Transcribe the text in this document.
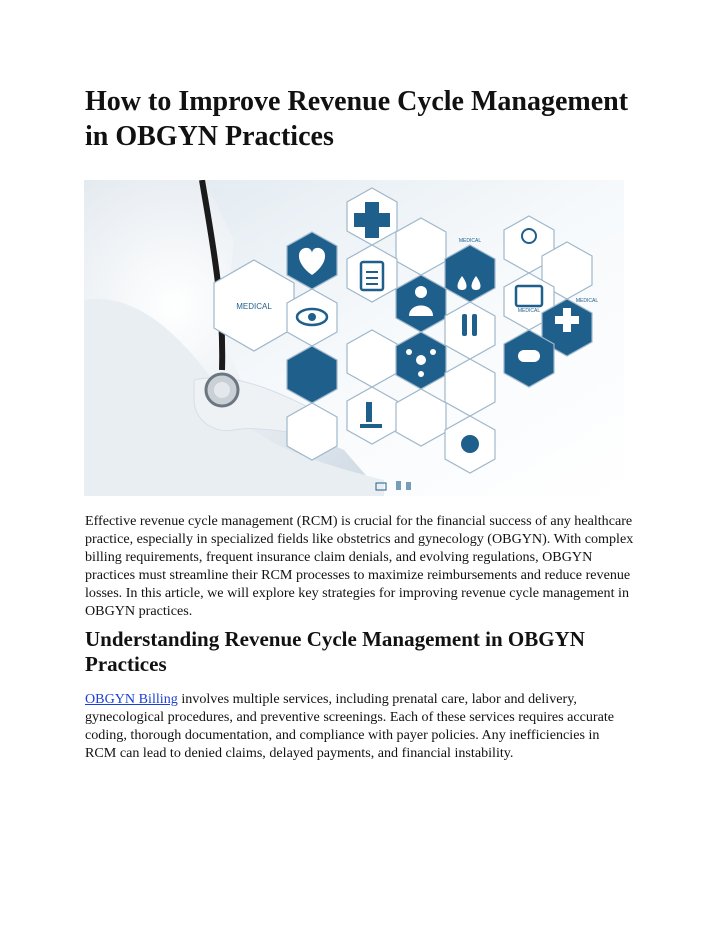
How to Improve Revenue Cycle Management in OBGYN Practices
MEDICAL
MEDICAL
MEDICAL
MEDICAL

Effective revenue cycle management (RCM) is crucial for the financial success of any healthcare practice, especially in specialized fields like obstetrics and gynecology (OBGYN). With complex billing requirements, frequent insurance claim denials, and evolving regulations, OBGYN practices must streamline their RCM processes to maximize reimbursements and reduce revenue losses. In this article, we will explore key strategies for improving revenue cycle management in OBGYN practices.

Understanding Revenue Cycle Management in OBGYN Practices

OBGYN Billing involves multiple services, including prenatal care, labor and delivery, gynecological procedures, and preventive screenings. Each of these services requires accurate coding, thorough documentation, and compliance with payer policies. Any inefficiencies in RCM can lead to denied claims, delayed payments, and financial instability.
